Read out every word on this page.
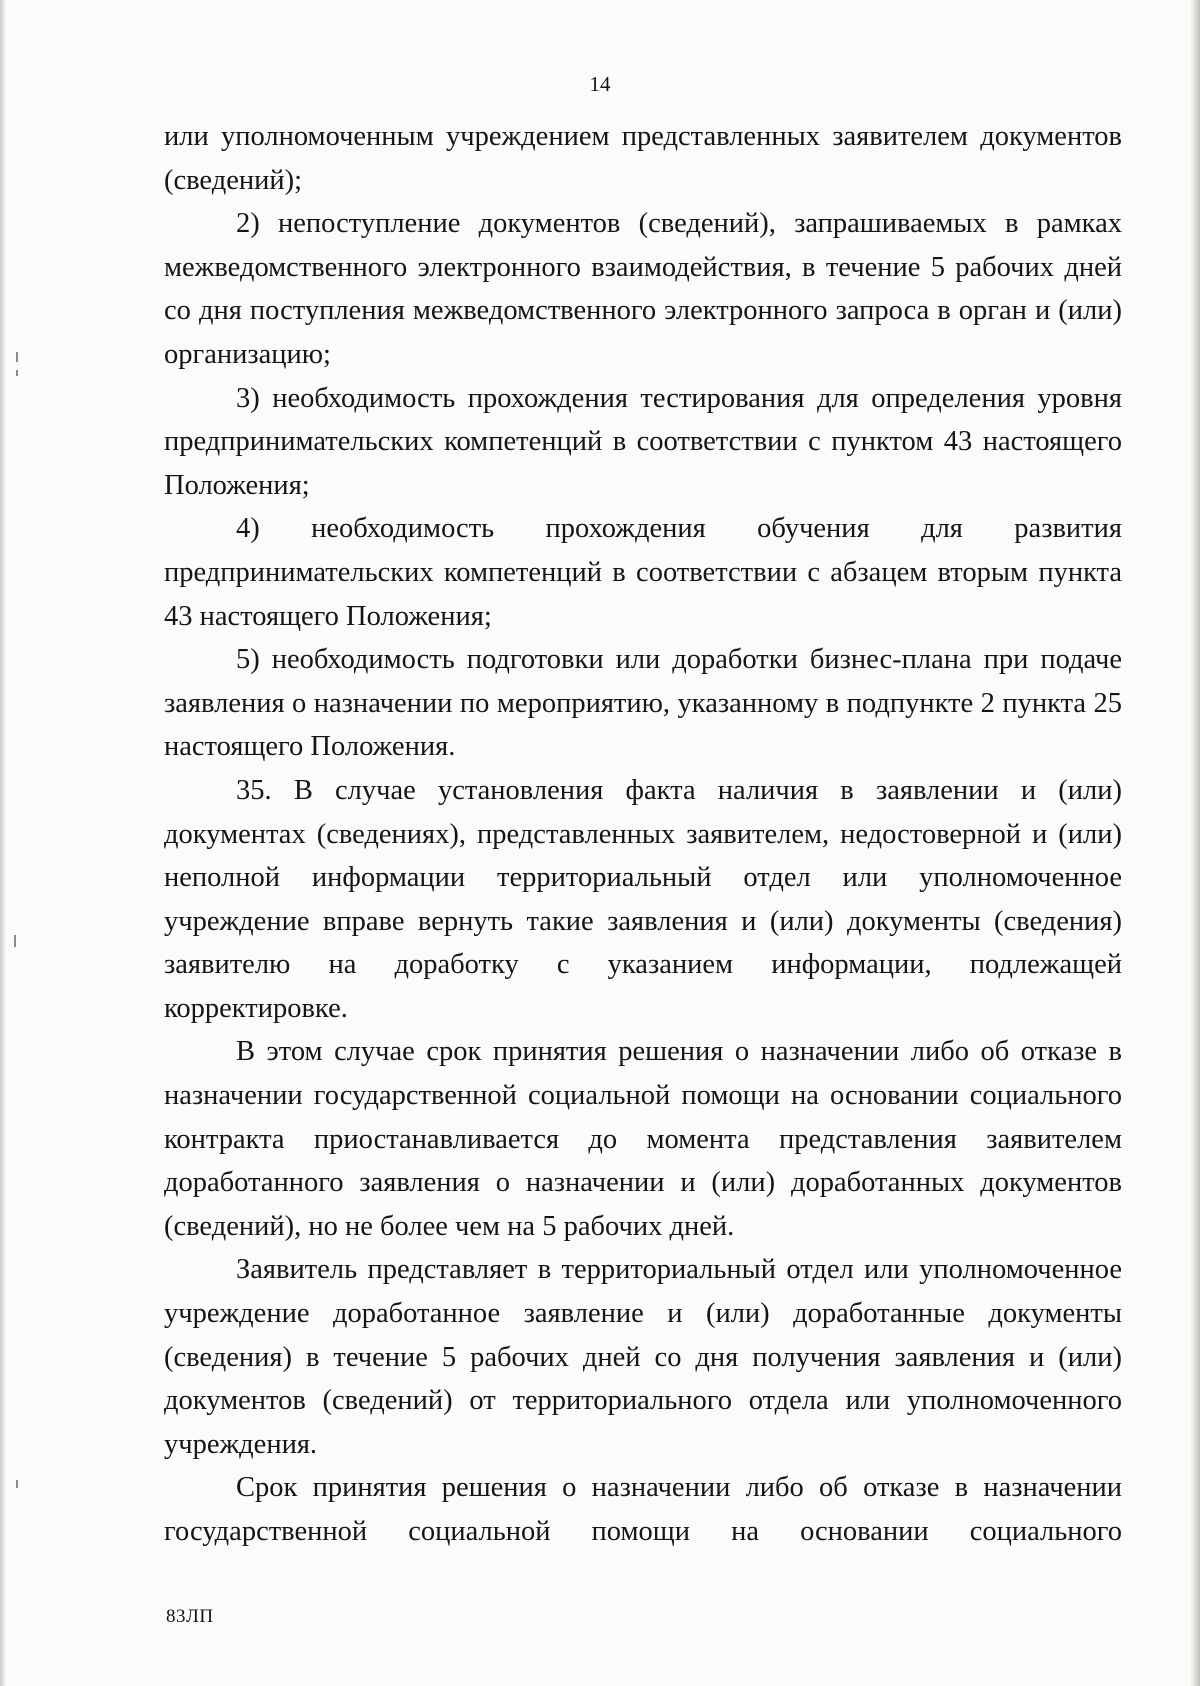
14

или уполномоченным учреждением представленных заявителем документов (сведений);

2) непоступление документов (сведений), запрашиваемых в рамках межведомственного электронного взаимодействия, в течение 5 рабочих дней со дня поступления межведомственного электронного запроса в орган и (или) организацию;

3) необходимость прохождения тестирования для определения уровня предпринимательских компетенций в соответствии с пунктом 43 настоящего Положения;

4) необходимость прохождения обучения для развития предпринимательских компетенций в соответствии с абзацем вторым пункта 43 настоящего Положения;

5) необходимость подготовки или доработки бизнес-плана при подаче заявления о назначении по мероприятию, указанному в подпункте 2 пункта 25 настоящего Положения.

35. В случае установления факта наличия в заявлении и (или) документах (сведениях), представленных заявителем, недостоверной и (или) неполной информации территориальный отдел или уполномоченное учреждение вправе вернуть такие заявления и (или) документы (сведения) заявителю на доработку с указанием информации, подлежащей корректировке.

В этом случае срок принятия решения о назначении либо об отказе в назначении государственной социальной помощи на основании социального контракта приостанавливается до момента представления заявителем доработанного заявления о назначении и (или) доработанных документов (сведений), но не более чем на 5 рабочих дней.

Заявитель представляет в территориальный отдел или уполномоченное учреждение доработанное заявление и (или) доработанные документы (сведения) в течение 5 рабочих дней со дня получения заявления и (или) документов (сведений) от территориального отдела или уполномоченного учреждения.

Срок принятия решения о назначении либо об отказе в назначении государственной социальной помощи на основании социального

83ЛП
